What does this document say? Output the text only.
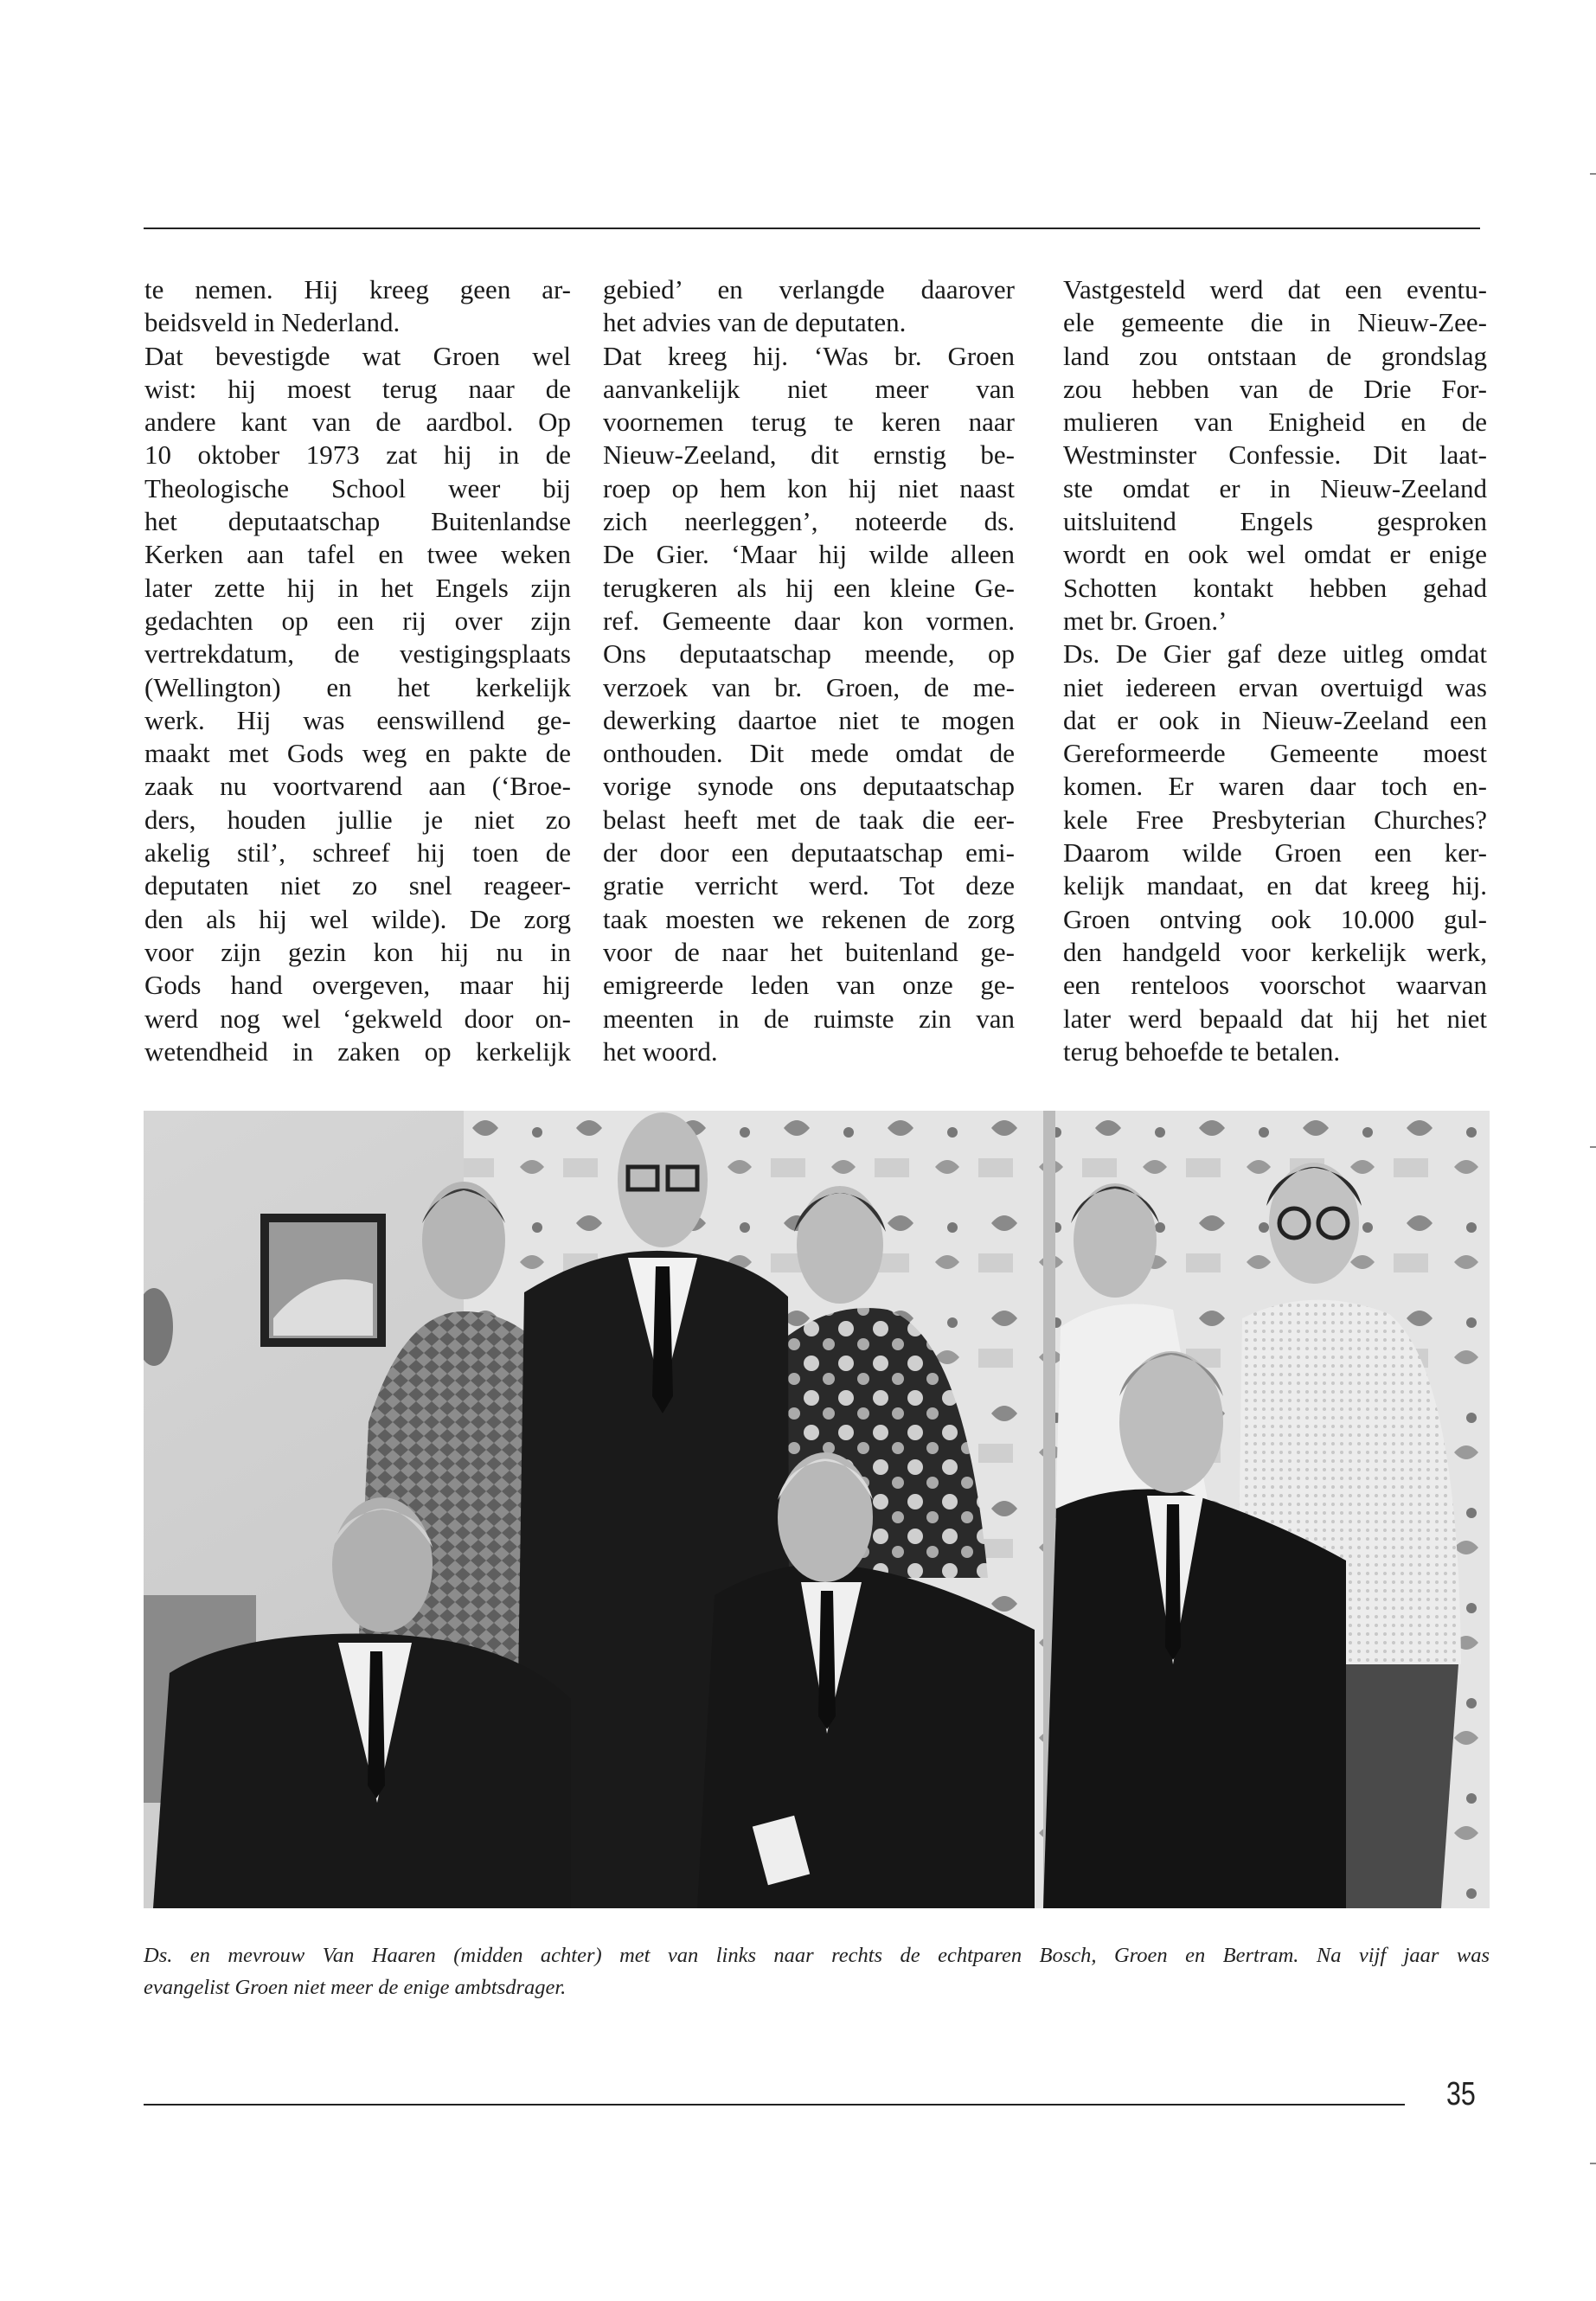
te nemen. Hij kreeg geen ar-
beidsveld in Nederland.
Dat bevestigde wat Groen wel
wist: hij moest terug naar de
andere kant van de aardbol. Op
10 oktober 1973 zat hij in de
Theologische School weer bij
het deputaatschap Buitenlandse
Kerken aan tafel en twee weken
later zette hij in het Engels zijn
gedachten op een rij over zijn
vertrekdatum, de vestigingsplaats
(Wellington) en het kerkelijk
werk. Hij was eenswillend ge-
maakt met Gods weg en pakte de
zaak nu voortvarend aan (‘Broe-
ders, houden jullie je niet zo
akelig stil’, schreef hij toen de
deputaten niet zo snel reageer-
den als hij wel wilde). De zorg
voor zijn gezin kon hij nu in
Gods hand overgeven, maar hij
werd nog wel ‘gekweld door on-
wetendheid in zaken op kerkelijk
gebied’ en verlangde daarover
het advies van de deputaten.
Dat kreeg hij. ‘Was br. Groen
aanvankelijk niet meer van
voornemen terug te keren naar
Nieuw-Zeeland, dit ernstig be-
roep op hem kon hij niet naast
zich neerleggen’, noteerde ds.
De Gier. ‘Maar hij wilde alleen
terugkeren als hij een kleine Ge-
ref. Gemeente daar kon vormen.
Ons deputaatschap meende, op
verzoek van br. Groen, de me-
dewerking daartoe niet te mogen
onthouden. Dit mede omdat de
vorige synode ons deputaatschap
belast heeft met de taak die eer-
der door een deputaatschap emi-
gratie verricht werd. Tot deze
taak moesten we rekenen de zorg
voor de naar het buitenland ge-
emigreerde leden van onze ge-
meenten in de ruimste zin van
het woord.
Vastgesteld werd dat een eventu-
ele gemeente die in Nieuw-Zee-
land zou ontstaan de grondslag
zou hebben van de Drie For-
mulieren van Enigheid en de
Westminster Confessie. Dit laat-
ste omdat er in Nieuw-Zeeland
uitsluitend Engels gesproken
wordt en ook wel omdat er enige
Schotten kontakt hebben gehad
met br. Groen.’
Ds. De Gier gaf deze uitleg omdat
niet iedereen ervan overtuigd was
dat er ook in Nieuw-Zeeland een
Gereformeerde Gemeente moest
komen. Er waren daar toch en-
kele Free Presbyterian Churches?
Daarom wilde Groen een ker-
kelijk mandaat, en dat kreeg hij.
Groen ontving ook 10.000 gul-
den handgeld voor kerkelijk werk,
een renteloos voorschot waarvan
later werd bepaald dat hij het niet
terug behoefde te betalen.
Ds. en mevrouw Van Haaren (midden achter) met van links naar rechts de echtparen Bosch, Groen en Bertram. Na vijf jaar was
evangelist Groen niet meer de enige ambtsdrager.
35
